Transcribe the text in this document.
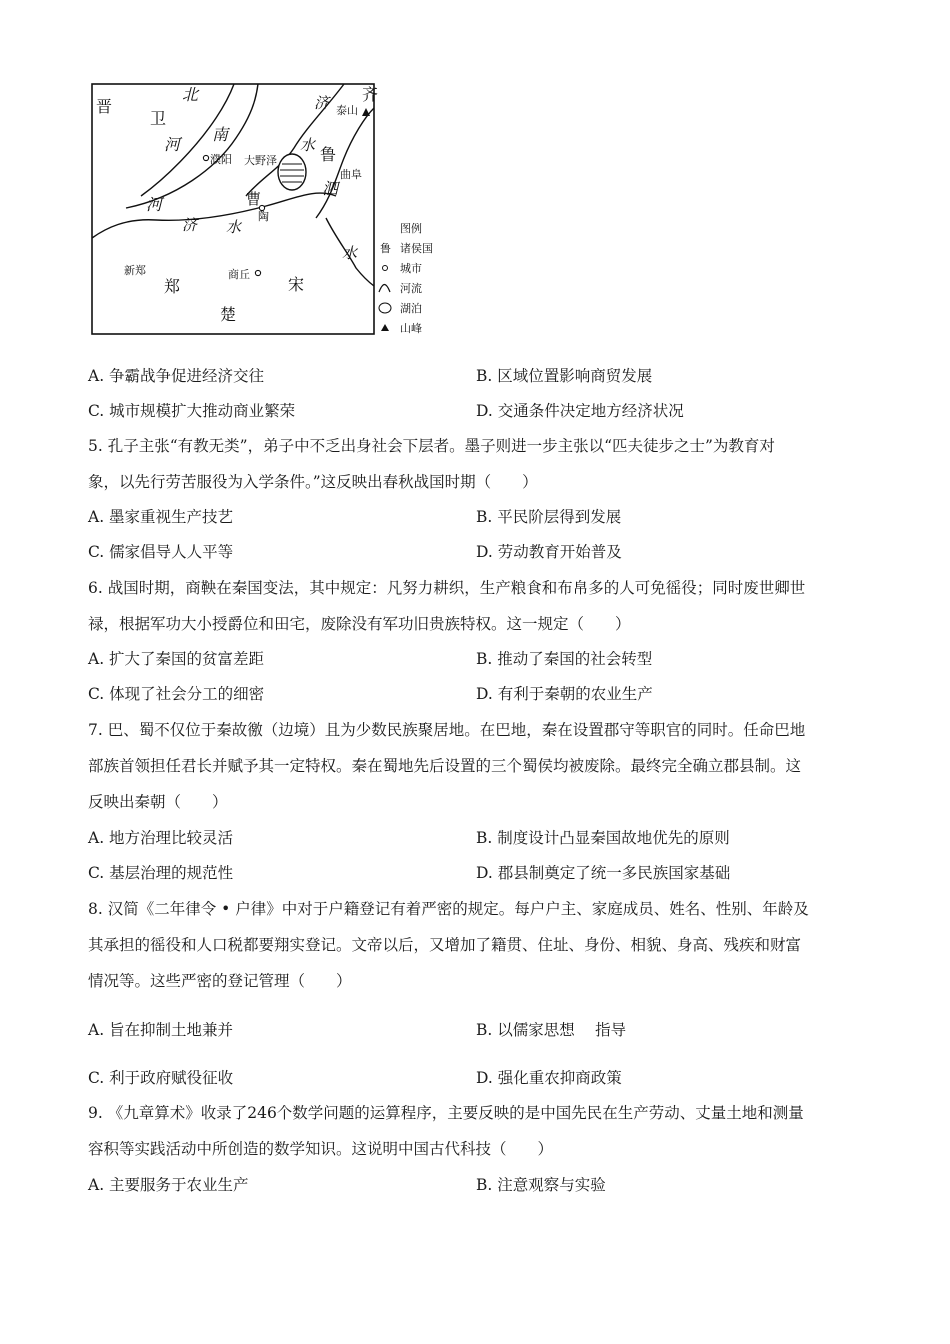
晋
卫
北
南
河
河
濮阳 大野泽
曹
陶
济 水
济
水
水
齐
泰山
鲁
泗
曲阜
新郑
郑
商丘
宋
楚
图例
鲁 诸侯国
城市
河流
湖泊
山峰
A. 争霸战争促进经济交往	B. 区域位置影响商贸发展
C. 城市规模扩大推动商业繁荣	D. 交通条件决定地方经济状况
5. 孔子主张“有教无类”，弟子中不乏出身社会下层者。墨子则进一步主张以“匹夫徒步之士”为教育对
象，以先行劳苦服役为入学条件。”这反映出春秋战国时期（　　）
A. 墨家重视生产技艺	B. 平民阶层得到发展
C. 儒家倡导人人平等	D. 劳动教育开始普及
6. 战国时期，商鞅在秦国变法，其中规定：凡努力耕织，生产粮食和布帛多的人可免徭役；同时废世卿世
禄，根据军功大小授爵位和田宅，废除没有军功旧贵族特权。这一规定（　　）
A. 扩大了秦国的贫富差距	B. 推动了秦国的社会转型
C. 体现了社会分工的细密	D. 有利于秦朝的农业生产
7. 巴、蜀不仅位于秦故徼（边境）且为少数民族聚居地。在巴地，秦在设置郡守等职官的同时。任命巴地
部族首领担任君长并赋予其一定特权。秦在蜀地先后设置的三个蜀侯均被废除。最终完全确立郡县制。这
反映出秦朝（　　）
A. 地方治理比较灵活	B. 制度设计凸显秦国故地优先的原则
C. 基层治理的规范性	D. 郡县制奠定了统一多民族国家基础
8. 汉简《二年律令 • 户律》中对于户籍登记有着严密的规定。每户户主、家庭成员、姓名、性别、年龄及
其承担的徭役和人口税都要翔实登记。文帝以后，又增加了籍贯、住址、身份、相貌、身高、残疾和财富
情况等。这些严密的登记管理（　　）
A. 旨在抑制土地兼并	B. 以儒家思想　 指导
C. 利于政府赋役征收	D. 强化重农抑商政策
9. 《九章算术》收录了246个数学问题的运算程序，主要反映的是中国先民在生产劳动、丈量土地和测量
容积等实践活动中所创造的数学知识。这说明中国古代科技（　　）
A. 主要服务于农业生产	B. 注意观察与实验
